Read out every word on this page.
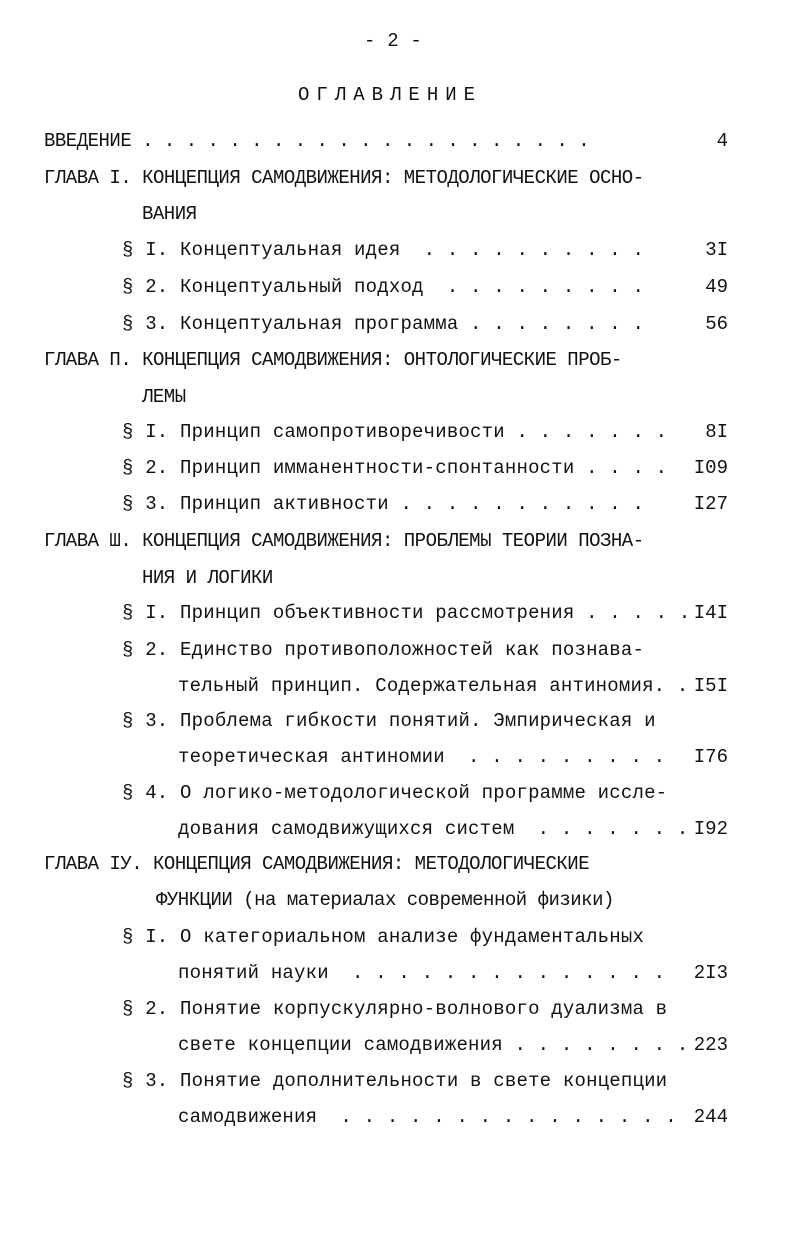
- 2 -
ОГЛАВЛЕНИЕ
ВВЕДЕНИЕ . . . . . . . . . . . . . . . . . . . . .	4
ГЛАВА I. КОНЦЕПЦИЯ САМОДВИЖЕНИЯ: МЕТОДОЛОГИЧЕСКИЕ ОСНО-
ВАНИЯ
§ I. Концептуальная идея  . . . . . . . . . .	3I
§ 2. Концептуальный подход  . . . . . . . . .	49
§ 3. Концептуальная программа . . . . . . . .	56
ГЛАВА П. КОНЦЕПЦИЯ САМОДВИЖЕНИЯ: ОНТОЛОГИЧЕСКИЕ ПРОБ-
ЛЕМЫ
§ I. Принцип самопротиворечивости . . . . . . .	8I
§ 2. Принцип имманентности-спонтанности . . . .	I09
§ 3. Принцип активности . . . . . . . . . . .	I27
ГЛАВА Ш. КОНЦЕПЦИЯ САМОДВИЖЕНИЯ: ПРОБЛЕМЫ ТЕОРИИ ПОЗНА-
НИЯ И ЛОГИКИ
§ I. Принцип объективности рассмотрения . . . . . I4I
§ 2. Единство противоположностей как познава-
тельный принцип. Содержательная антиномия. . I5I
§ 3. Проблема гибкости понятий. Эмпирическая и
теоретическая антиномии  . . . . . . . . .	I76
§ 4. О логико-методологической программе иссле-
дования самодвижущихся систем  . . . . . . . I92
ГЛАВА IУ. КОНЦЕПЦИЯ САМОДВИЖЕНИЯ: МЕТОДОЛОГИЧЕСКИЕ
ФУНКЦИИ (на материалах современной физики)
§ I. О категориальном анализе фундаментальных
понятий науки  . . . . . . . . . . . . . .	2I3
§ 2. Понятие корпускулярно-волнового дуализма в
свете концепции самодвижения . . . . . . . . 223
§ 3. Понятие дополнительности в свете концепции
самодвижения  . . . . . . . . . . . . . . . 244
